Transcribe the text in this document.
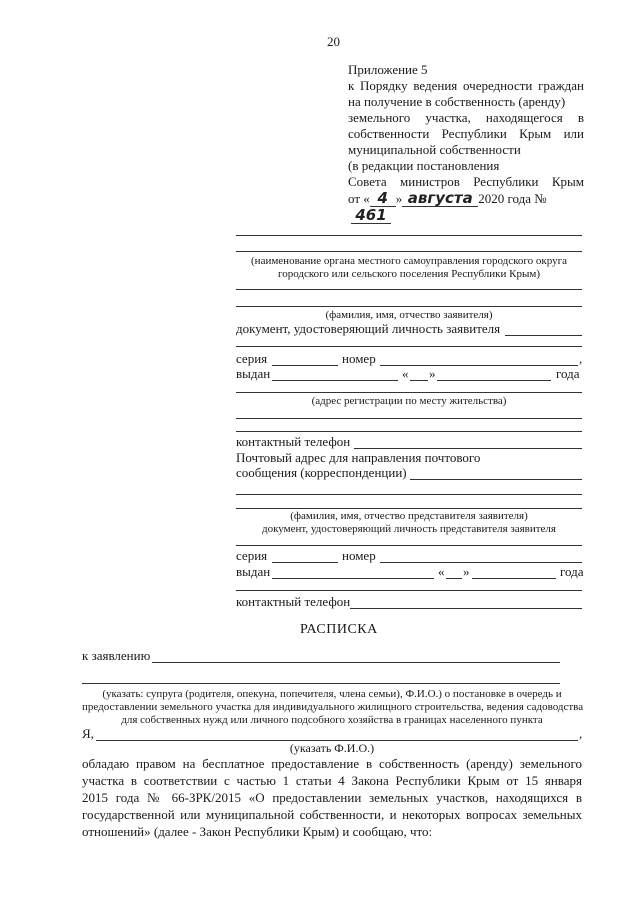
20
Приложение 5
к Порядку ведения очередности граждан
на получение в собственность (аренду)
земельного участка, находящегося в
собственности Республики Крым или
муниципальной собственности
(в редакции постановления
Совета министров Республики Крым
от « 4 » августа 2020 года №461
(наименование органа местного самоуправления городского округа
городского или сельского поселения Республики Крым)
(фамилия, имя, отчество заявителя)
документ, удостоверяющий личность заявителя
серия	номер	,
выдан	« »	года
(адрес регистрации по месту жительства)
контактный телефон
Почтовый адрес для направления почтового
сообщения (корреспонденции)
(фамилия, имя, отчество представителя заявителя)
документ, удостоверяющий личность представителя заявителя
серия	номер
выдан	« »	года
контактный телефон
РАСПИСКА
к заявлению
(указать: супруга (родителя, опекуна, попечителя, члена семьи), Ф.И.О.) о постановке в очередь и
предоставлении земельного участка для индивидуального жилищного строительства, ведения садоводства
для собственных нужд или личного подсобного хозяйства в границах населенного пункта
Я,	,
(указать Ф.И.О.)
обладаю правом на бесплатное предоставление в собственность (аренду) земельного
участка в соответствии с частью 1 статьи 4 Закона Республики Крым от 15 января
2015 года № 66-ЗРК/2015 «О предоставлении земельных участков, находящихся в
государственной или муниципальной собственности, и некоторых вопросах земельных
отношений» (далее - Закон Республики Крым) и сообщаю, что:
